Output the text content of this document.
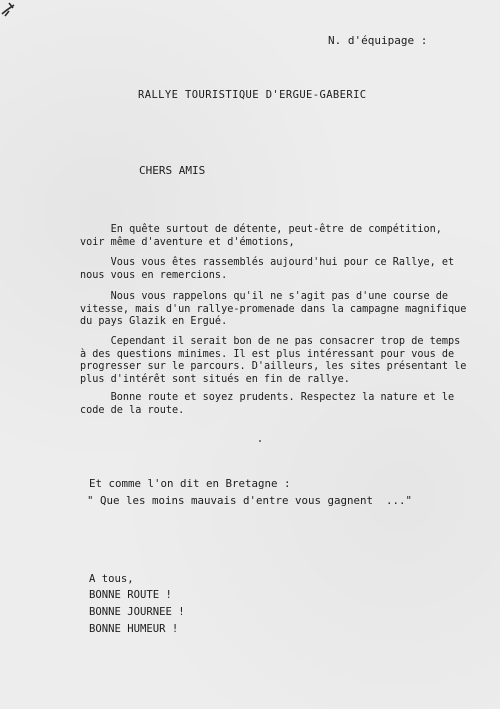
N. d'équipage :
RALLYE TOURISTIQUE D'ERGUE-GABERIC
CHERS AMIS
En quête surtout de détente, peut-être de compétition,
voir même d'aventure et d'émotions,
Vous vous êtes rassemblés aujourd'hui pour ce Rallye, et
nous vous en remercions.
Nous vous rappelons qu'il ne s'agit pas d'une course de
vitesse, mais d'un rallye-promenade dans la campagne magnifique
du pays Glazik en Ergué.
Cependant il serait bon de ne pas consacrer trop de temps
à des questions minimes. Il est plus intéressant pour vous de
progresser sur le parcours. D'ailleurs, les sites présentant le
plus d'intérêt sont situés en fin de rallye.
Bonne route et soyez prudents. Respectez la nature et le
code de la route.
Et comme l'on dit en Bretagne :
" Que les moins mauvais d'entre vous gagnent  ..."
A tous,
BONNE ROUTE !
BONNE JOURNEE !
BONNE HUMEUR !
